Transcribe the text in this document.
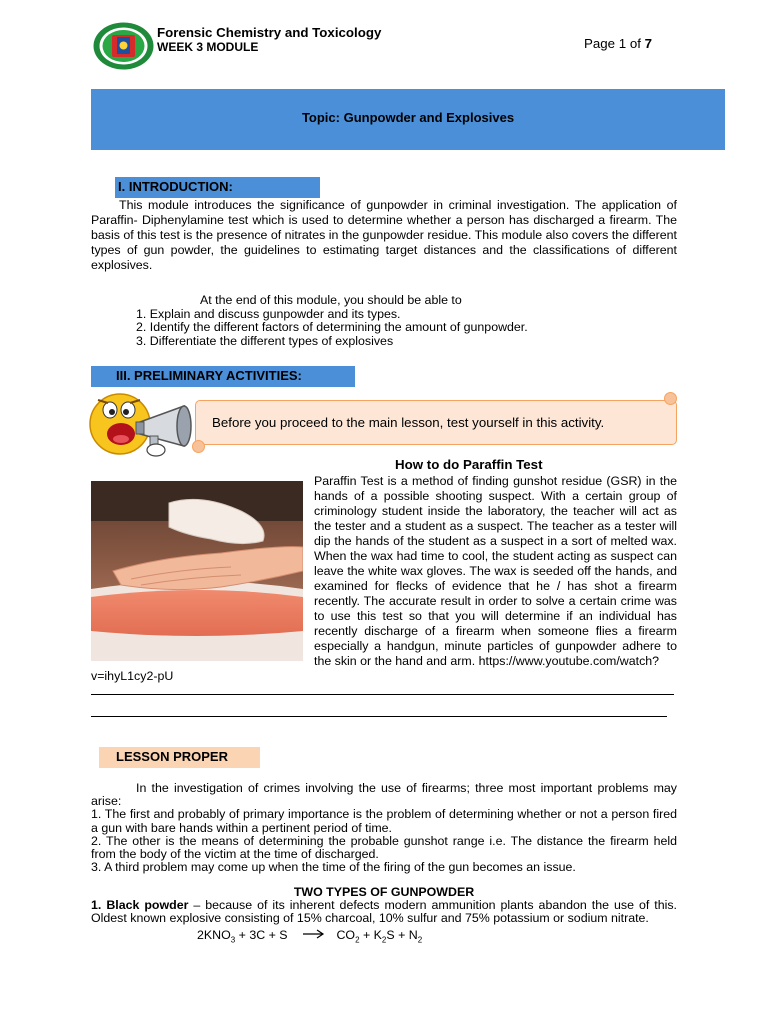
Forensic Chemistry and Toxicology
WEEK 3 MODULE	Page 1 of 7
Topic: Gunpowder and Explosives
I. INTRODUCTION:
This module introduces the significance of gunpowder in criminal investigation. The application of Paraffin- Diphenylamine test which is used to determine whether a person has discharged a firearm. The basis of this test is the presence of nitrates in the gunpowder residue. This module also covers the different types of gun powder, the guidelines to estimating target distances and the classifications of different explosives.
At the end of this module, you should be able to
1. Explain and discuss gunpowder and its types.
2. Identify the different factors of determining the amount of gunpowder.
3. Differentiate the different types of explosives
III. PRELIMINARY ACTIVITIES:
Before you proceed to the main lesson, test yourself in this activity.
How to do Paraffin Test
Paraffin Test is a method of finding gunshot residue (GSR) in the hands of a possible shooting suspect. With a certain group of criminology student inside the laboratory, the teacher will act as the tester and a student as a suspect. The teacher as a tester will dip the hands of the student as a suspect in a sort of melted wax. When the wax had time to cool, the student acting as suspect can leave the white wax gloves. The wax is seeded off the hands, and examined for flecks of evidence that he / has shot a firearm recently. The accurate result in order to solve a certain crime was to use this test so that you will determine if an individual has recently discharge of a firearm when someone flies a firearm especially a handgun, minute particles of gunpowder adhere to the skin or the hand and arm. https://www.youtube.com/watch?
v=ihyL1cy2-pU
LESSON PROPER

In the investigation of crimes involving the use of firearms; three most important problems may arise:

1. The first and probably of primary importance is the problem of determining whether or not a person fired a gun with bare hands within a pertinent period of time.

2. The other is the means of determining the probable gunshot range i.e. The distance the firearm held from the body of the victim at the time of discharged.

3. A third problem may come up when the time of the firing of the gun becomes an issue.

TWO TYPES OF GUNPOWDER
1. Black powder – because of its inherent defects modern ammunition plants abandon the use of this. Oldest known explosive consisting of 15% charcoal, 10% sulfur and 75% potassium or sodium nitrate.
$2KNO_3 + 3C + S \to CO_2 + K_2S + N_2$
